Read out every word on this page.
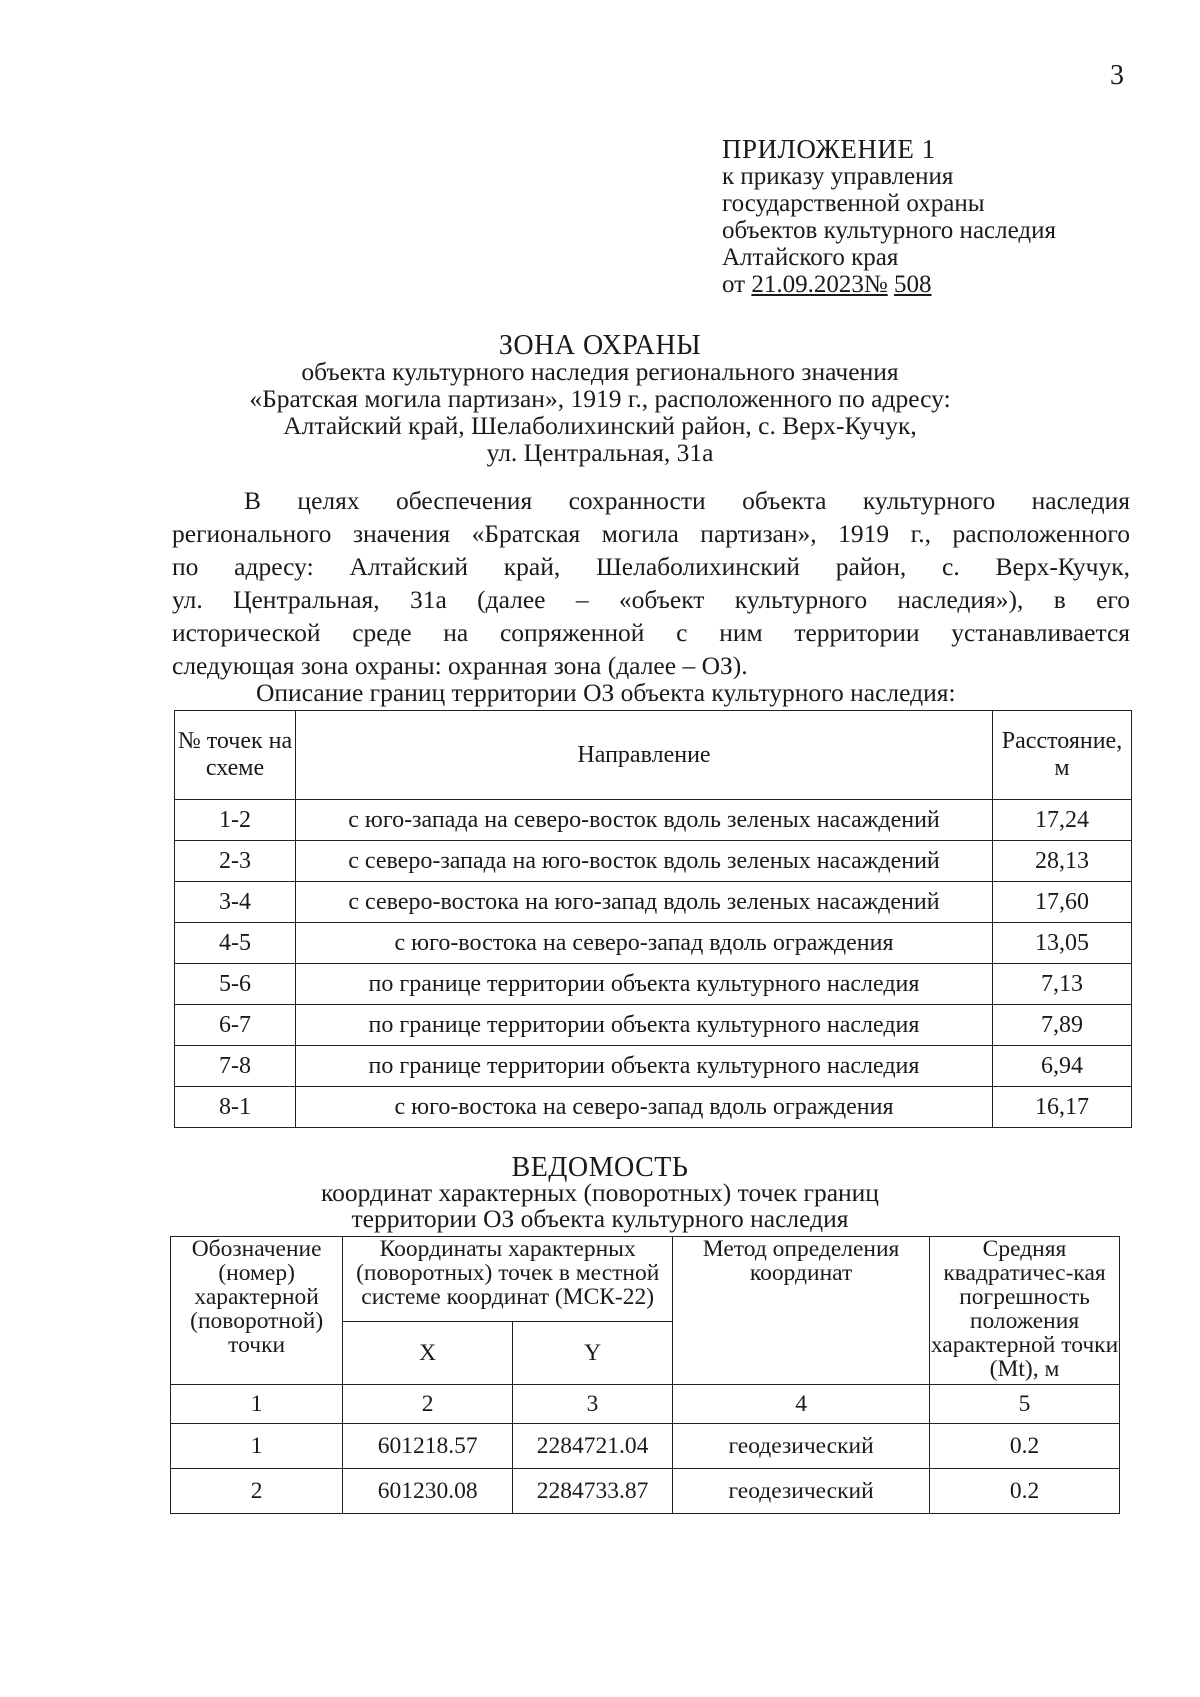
3
ПРИЛОЖЕНИЕ 1
к приказу управления
государственной охраны
объектов культурного наследия
Алтайского края
от 21.09.2023№ 508
ЗОНА ОХРАНЫ
объекта культурного наследия регионального значения
«Братская могила партизан», 1919 г., расположенного по адресу:
Алтайский край, Шелаболихинский район, с. Верх-Кучук,
ул. Центральная, 31а
В целях обеспечения сохранности объекта культурного наследия
регионального значения «Братская могила партизан», 1919 г., расположенного
по адресу: Алтайский край, Шелаболихинский район, с. Верх-Кучук,
ул. Центральная, 31а (далее – «объект культурного наследия»), в его
исторической среде на сопряженной с ним территории устанавливается
следующая зона охраны: охранная зона (далее – ОЗ).
Описание границ территории ОЗ объекта культурного наследия:
№ точек на схеме	Направление	Расстояние, м
1-2	с юго-запада на северо-восток вдоль зеленых насаждений	17,24
2-3	с северо-запада на юго-восток вдоль зеленых насаждений	28,13
3-4	с северо-востока на юго-запад вдоль зеленых насаждений	17,60
4-5	с юго-востока на северо-запад вдоль ограждения	13,05
5-6	по границе территории объекта культурного наследия	7,13
6-7	по границе территории объекта культурного наследия	7,89
7-8	по границе территории объекта культурного наследия	6,94
8-1	с юго-востока на северо-запад вдоль ограждения	16,17
ВЕДОМОСТЬ
координат характерных (поворотных) точек границ
территории ОЗ объекта культурного наследия
Обозначение (номер) характерной (поворотной) точки	Координаты характерных (поворотных) точек в местной системе координат (МСК-22)		Метод определения координат	Средняя квадратичес-кая погрешность положения характерной точки (Mt), м
	X	Y		
1	2	3	4	5
1	601218.57	2284721.04	геодезический	0.2
2	601230.08	2284733.87	геодезический	0.2
